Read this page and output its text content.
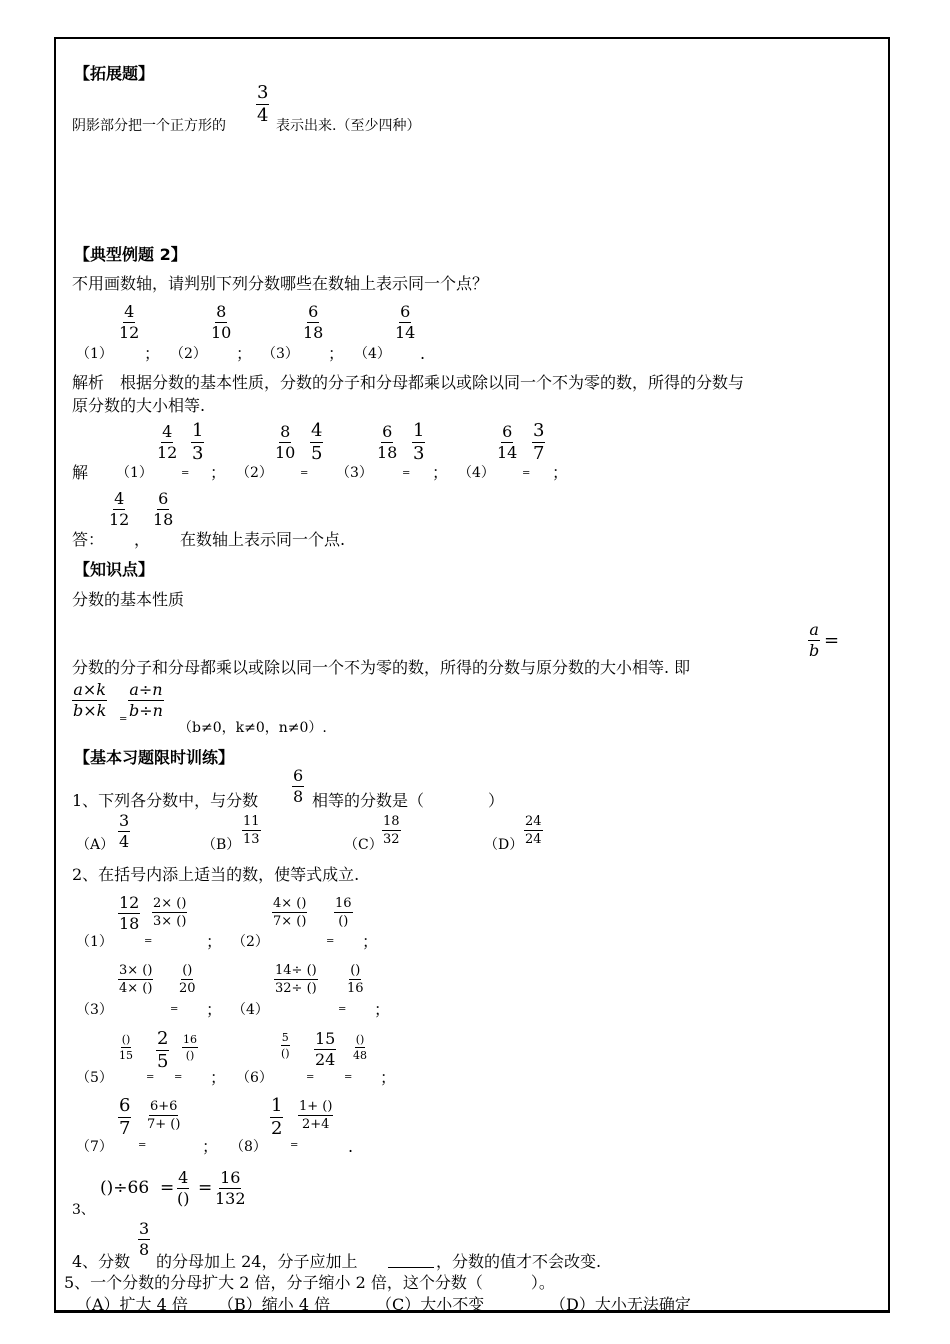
【拓展题】
阴影部分把一个正方形的
$\frac{3}{4}$
表示出来.（至少四种）
【典型例题 2】
不用画数轴，请判别下列分数哪些在数轴上表示同一个点？
（1）
$\frac{4}{12}$
； （2）
$\frac{8}{10}$
； （3）
$\frac{6}{18}$
； （4）
$\frac{6}{14}$
.
解析　根据分数的基本性质，分数的分子和分母都乘以或除以同一个不为零的数，所得的分数与
原分数的大小相等.
解 （1）
$\frac{4}{12}$
=
$\frac{1}{3}$
； （2）
$\frac{8}{10}$
=
$\frac{4}{5}$
（3）
$\frac{6}{18}$
=
$\frac{1}{3}$
； （4）
$\frac{6}{14}$
=
$\frac{3}{7}$
；
答：
$\frac{4}{12}$
，
$\frac{6}{18}$
在数轴上表示同一个点.
【知识点】
分数的基本性质
分数的分子和分母都乘以或除以同一个不为零的数，所得的分数与原分数的大小相等. 即
$\frac{a}{b}$ =
$\frac{a\times k}{b\times k}$
=
$\frac{a\div n}{b\div n}$
（b≠0，k≠0，n≠0）.
【基本习题限时训练】
1、下列各分数中，与分数 $\frac{6}{8}$ 相等的分数是（　　　　）
$(A) \frac{3}{4}$	$(B) \frac{11}{13}$	$(C) \frac{18}{32}$	$(D) \frac{24}{24}$
2、在括号内添上适当的数，使等式成立.
（1）
$\frac{12}{18}$
=
$\frac{2\times ()}{3\times ()}$
； （2）
$\frac{4\times ()}{7\times ()}$
=
16
()
；
（3）
$\frac{3\times ()}{4\times ()}$
=
()
20
； （4）
$\frac{14\div ()}{32\div ()}$
=
()
16
；
（5）
()
15
=
$\frac{2}{5}$
=
16
()
； （6）
5
()
=
$\frac{15}{24}$
=
()
48
；
（7）
$\frac{6}{7}$
=
$\frac{6+6}{7+ ()}$
； （8）
$\frac{1}{2}$
=
$\frac{1+ ()}{2+4}$
.
3、
()÷66 =
4
()
= $\frac{16}{132}$
4、分数
$\frac{3}{8}$
的分母加上 24，分子应加上	，分数的值才不会改变.
5、一个分数的分母扩大 2 倍，分子缩小 2 倍，这个分数（　　　）。
（A）扩大 4 倍 （B）缩小 4 倍	（C）大小不变	（D）大小无法确定
